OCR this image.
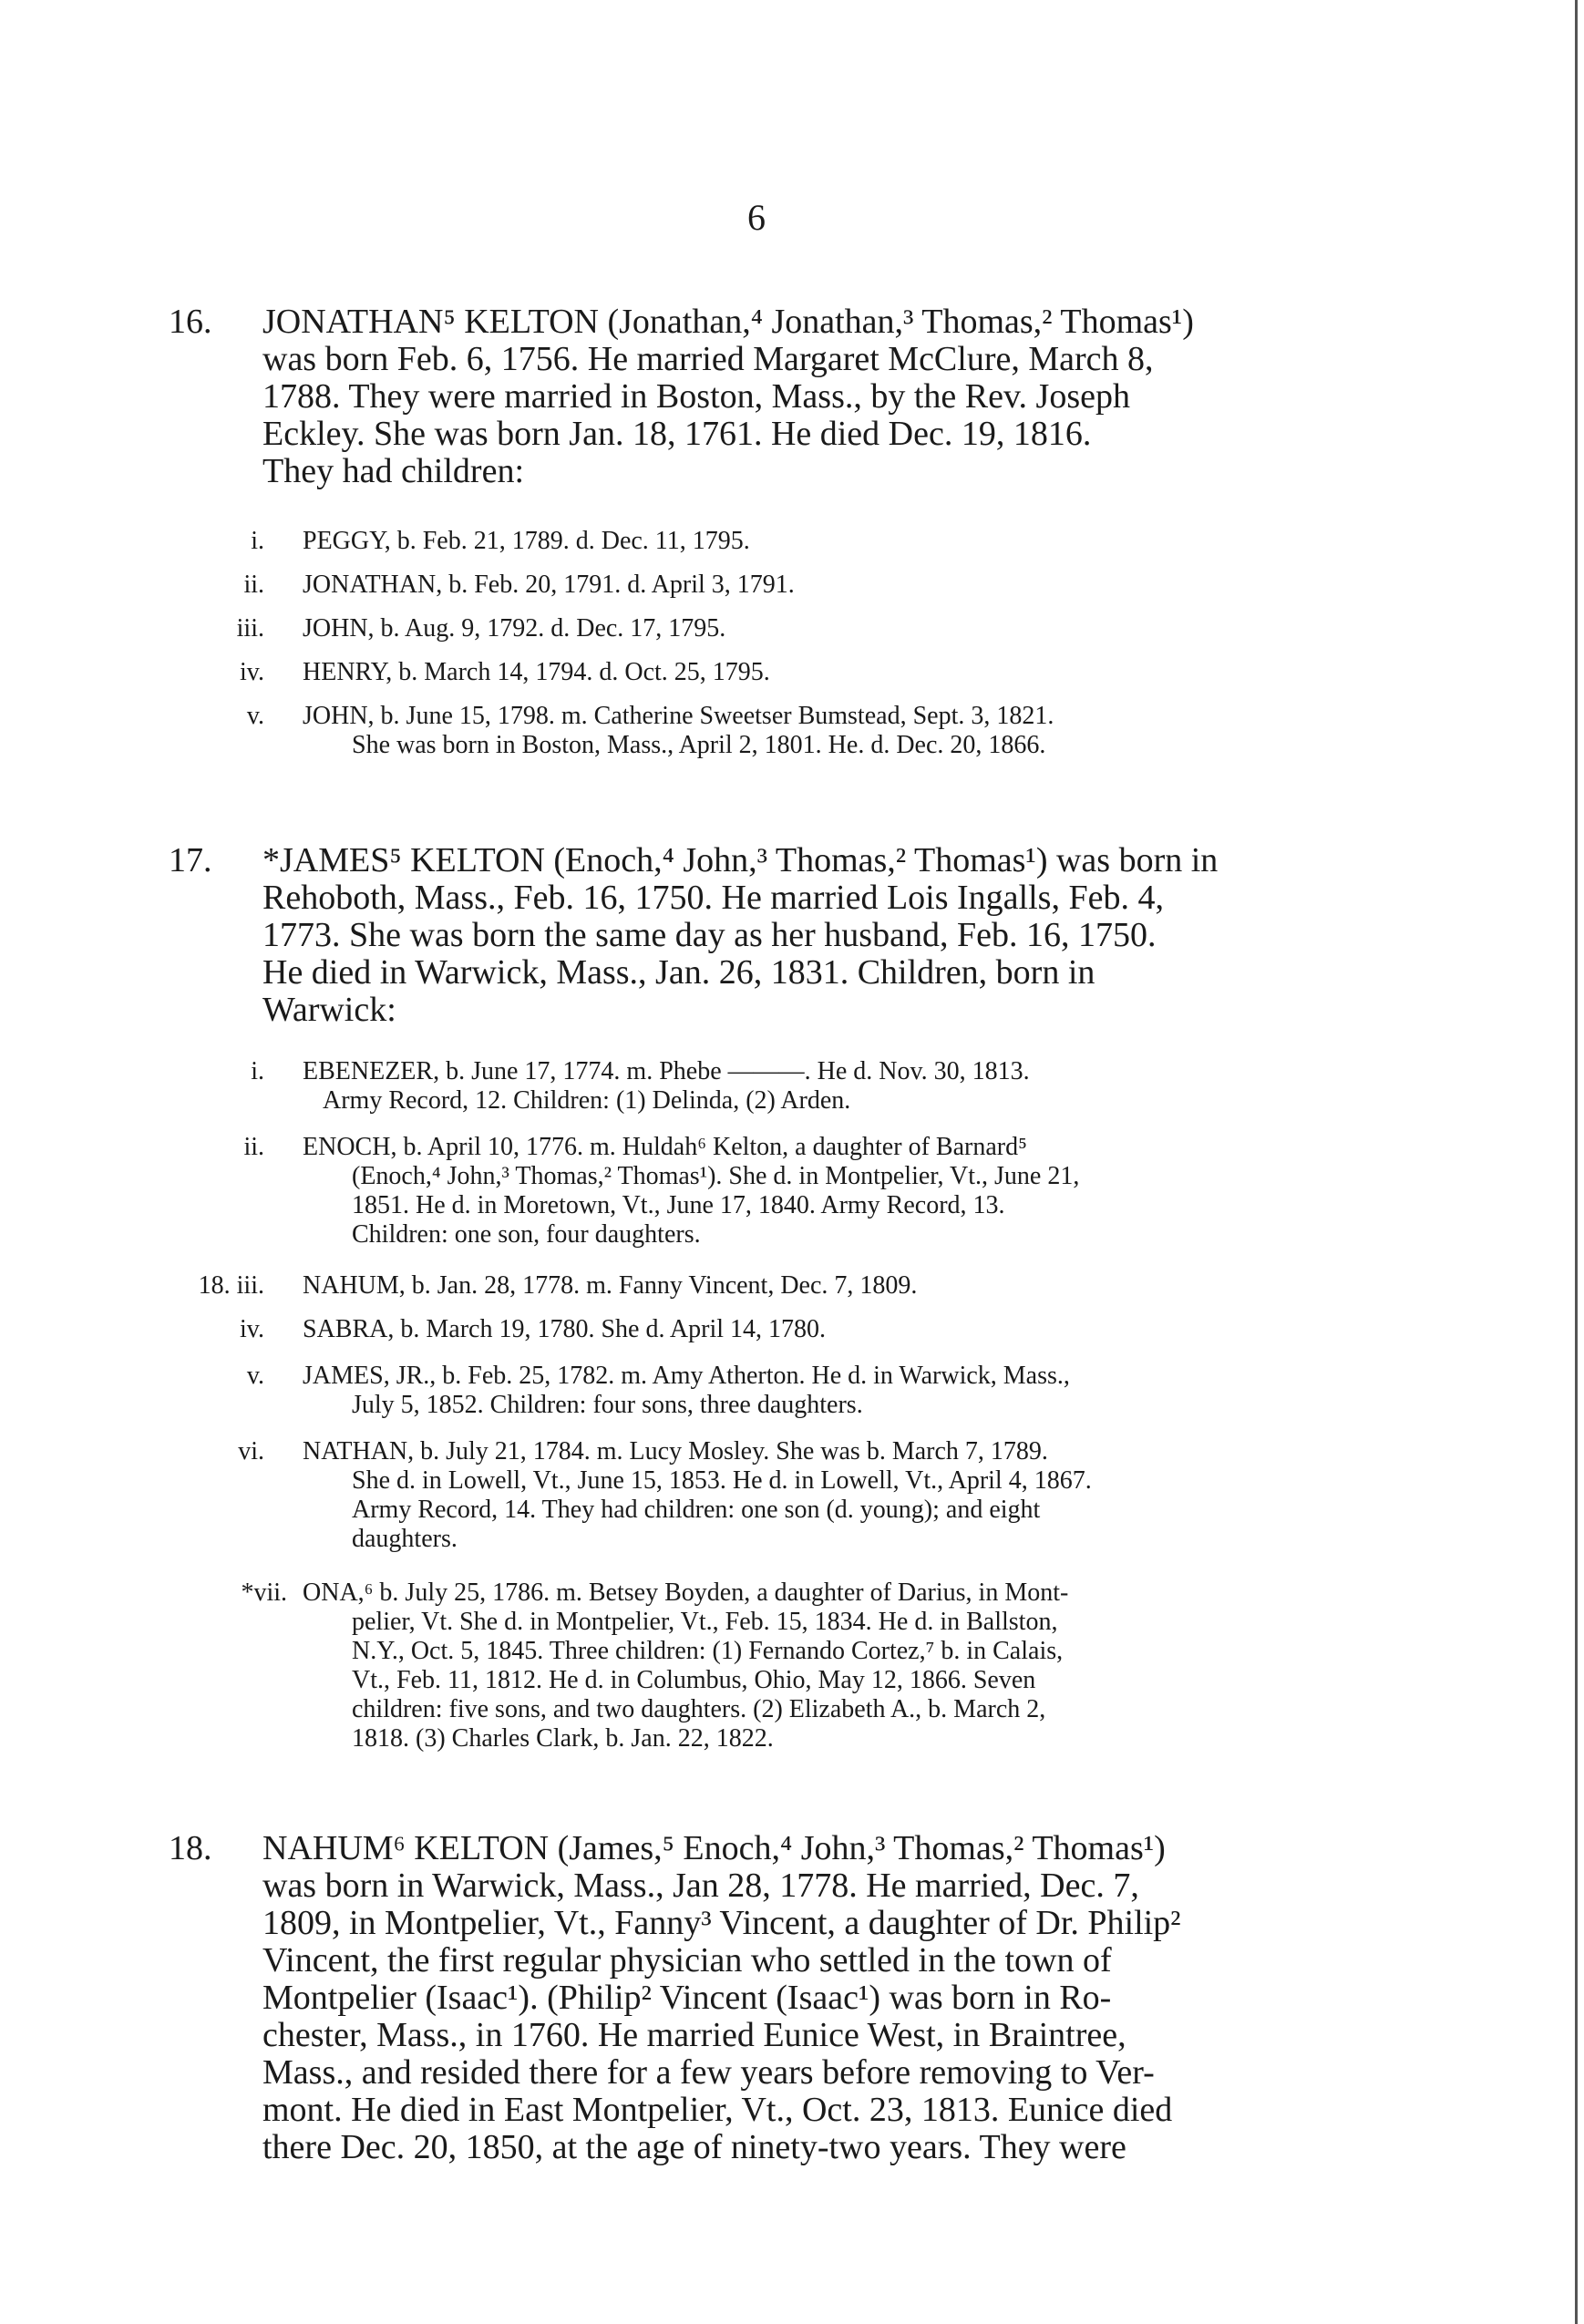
6
16. JONATHAN⁵ KELTON (Jonathan,⁴ Jonathan,³ Thomas,² Thomas¹)
was born Feb. 6, 1756. He married Margaret McClure, March 8,
1788. They were married in Boston, Mass., by the Rev. Joseph
Eckley. She was born Jan. 18, 1761. He died Dec. 19, 1816.
They had children:
i. PEGGY, b. Feb. 21, 1789. d. Dec. 11, 1795.
ii. JONATHAN, b. Feb. 20, 1791. d. April 3, 1791.
iii. JOHN, b. Aug. 9, 1792. d. Dec. 17, 1795.
iv. HENRY, b. March 14, 1794. d. Oct. 25, 1795.
v. JOHN, b. June 15, 1798. m. Catherine Sweetser Bumstead, Sept. 3, 1821.
She was born in Boston, Mass., April 2, 1801. He. d. Dec. 20, 1866.
17. *JAMES⁵ KELTON (Enoch,⁴ John,³ Thomas,² Thomas¹) was born in
Rehoboth, Mass., Feb. 16, 1750. He married Lois Ingalls, Feb. 4,
1773. She was born the same day as her husband, Feb. 16, 1750.
He died in Warwick, Mass., Jan. 26, 1831. Children, born in
Warwick:
i. EBENEZER, b. June 17, 1774. m. Phebe ———. He d. Nov. 30, 1813.
Army Record, 12. Children: (1) Delinda, (2) Arden.
ii. ENOCH, b. April 10, 1776. m. Huldah⁶ Kelton, a daughter of Barnard⁵
(Enoch,⁴ John,³ Thomas,² Thomas¹). She d. in Montpelier, Vt., June 21,
1851. He d. in Moretown, Vt., June 17, 1840. Army Record, 13.
Children: one son, four daughters.
18. iii. NAHUM, b. Jan. 28, 1778. m. Fanny Vincent, Dec. 7, 1809.
iv. SABRA, b. March 19, 1780. She d. April 14, 1780.
v. JAMES, JR., b. Feb. 25, 1782. m. Amy Atherton. He d. in Warwick, Mass.,
July 5, 1852. Children: four sons, three daughters.
vi. NATHAN, b. July 21, 1784. m. Lucy Mosley. She was b. March 7, 1789.
She d. in Lowell, Vt., June 15, 1853. He d. in Lowell, Vt., April 4, 1867.
Army Record, 14. They had children: one son (d. young); and eight
daughters.
*vii. ONA,⁶ b. July 25, 1786. m. Betsey Boyden, a daughter of Darius, in Mont-
pelier, Vt. She d. in Montpelier, Vt., Feb. 15, 1834. He d. in Ballston,
N.Y., Oct. 5, 1845. Three children: (1) Fernando Cortez,⁷ b. in Calais,
Vt., Feb. 11, 1812. He d. in Columbus, Ohio, May 12, 1866. Seven
children: five sons, and two daughters. (2) Elizabeth A., b. March 2,
1818. (3) Charles Clark, b. Jan. 22, 1822.
18. NAHUM⁶ KELTON (James,⁵ Enoch,⁴ John,³ Thomas,² Thomas¹)
was born in Warwick, Mass., Jan 28, 1778. He married, Dec. 7,
1809, in Montpelier, Vt., Fanny³ Vincent, a daughter of Dr. Philip²
Vincent, the first regular physician who settled in the town of
Montpelier (Isaac¹). (Philip² Vincent (Isaac¹) was born in Ro-
chester, Mass., in 1760. He married Eunice West, in Braintree,
Mass., and resided there for a few years before removing to Ver-
mont. He died in East Montpelier, Vt., Oct. 23, 1813. Eunice died
there Dec. 20, 1850, at the age of ninety-two years. They were
